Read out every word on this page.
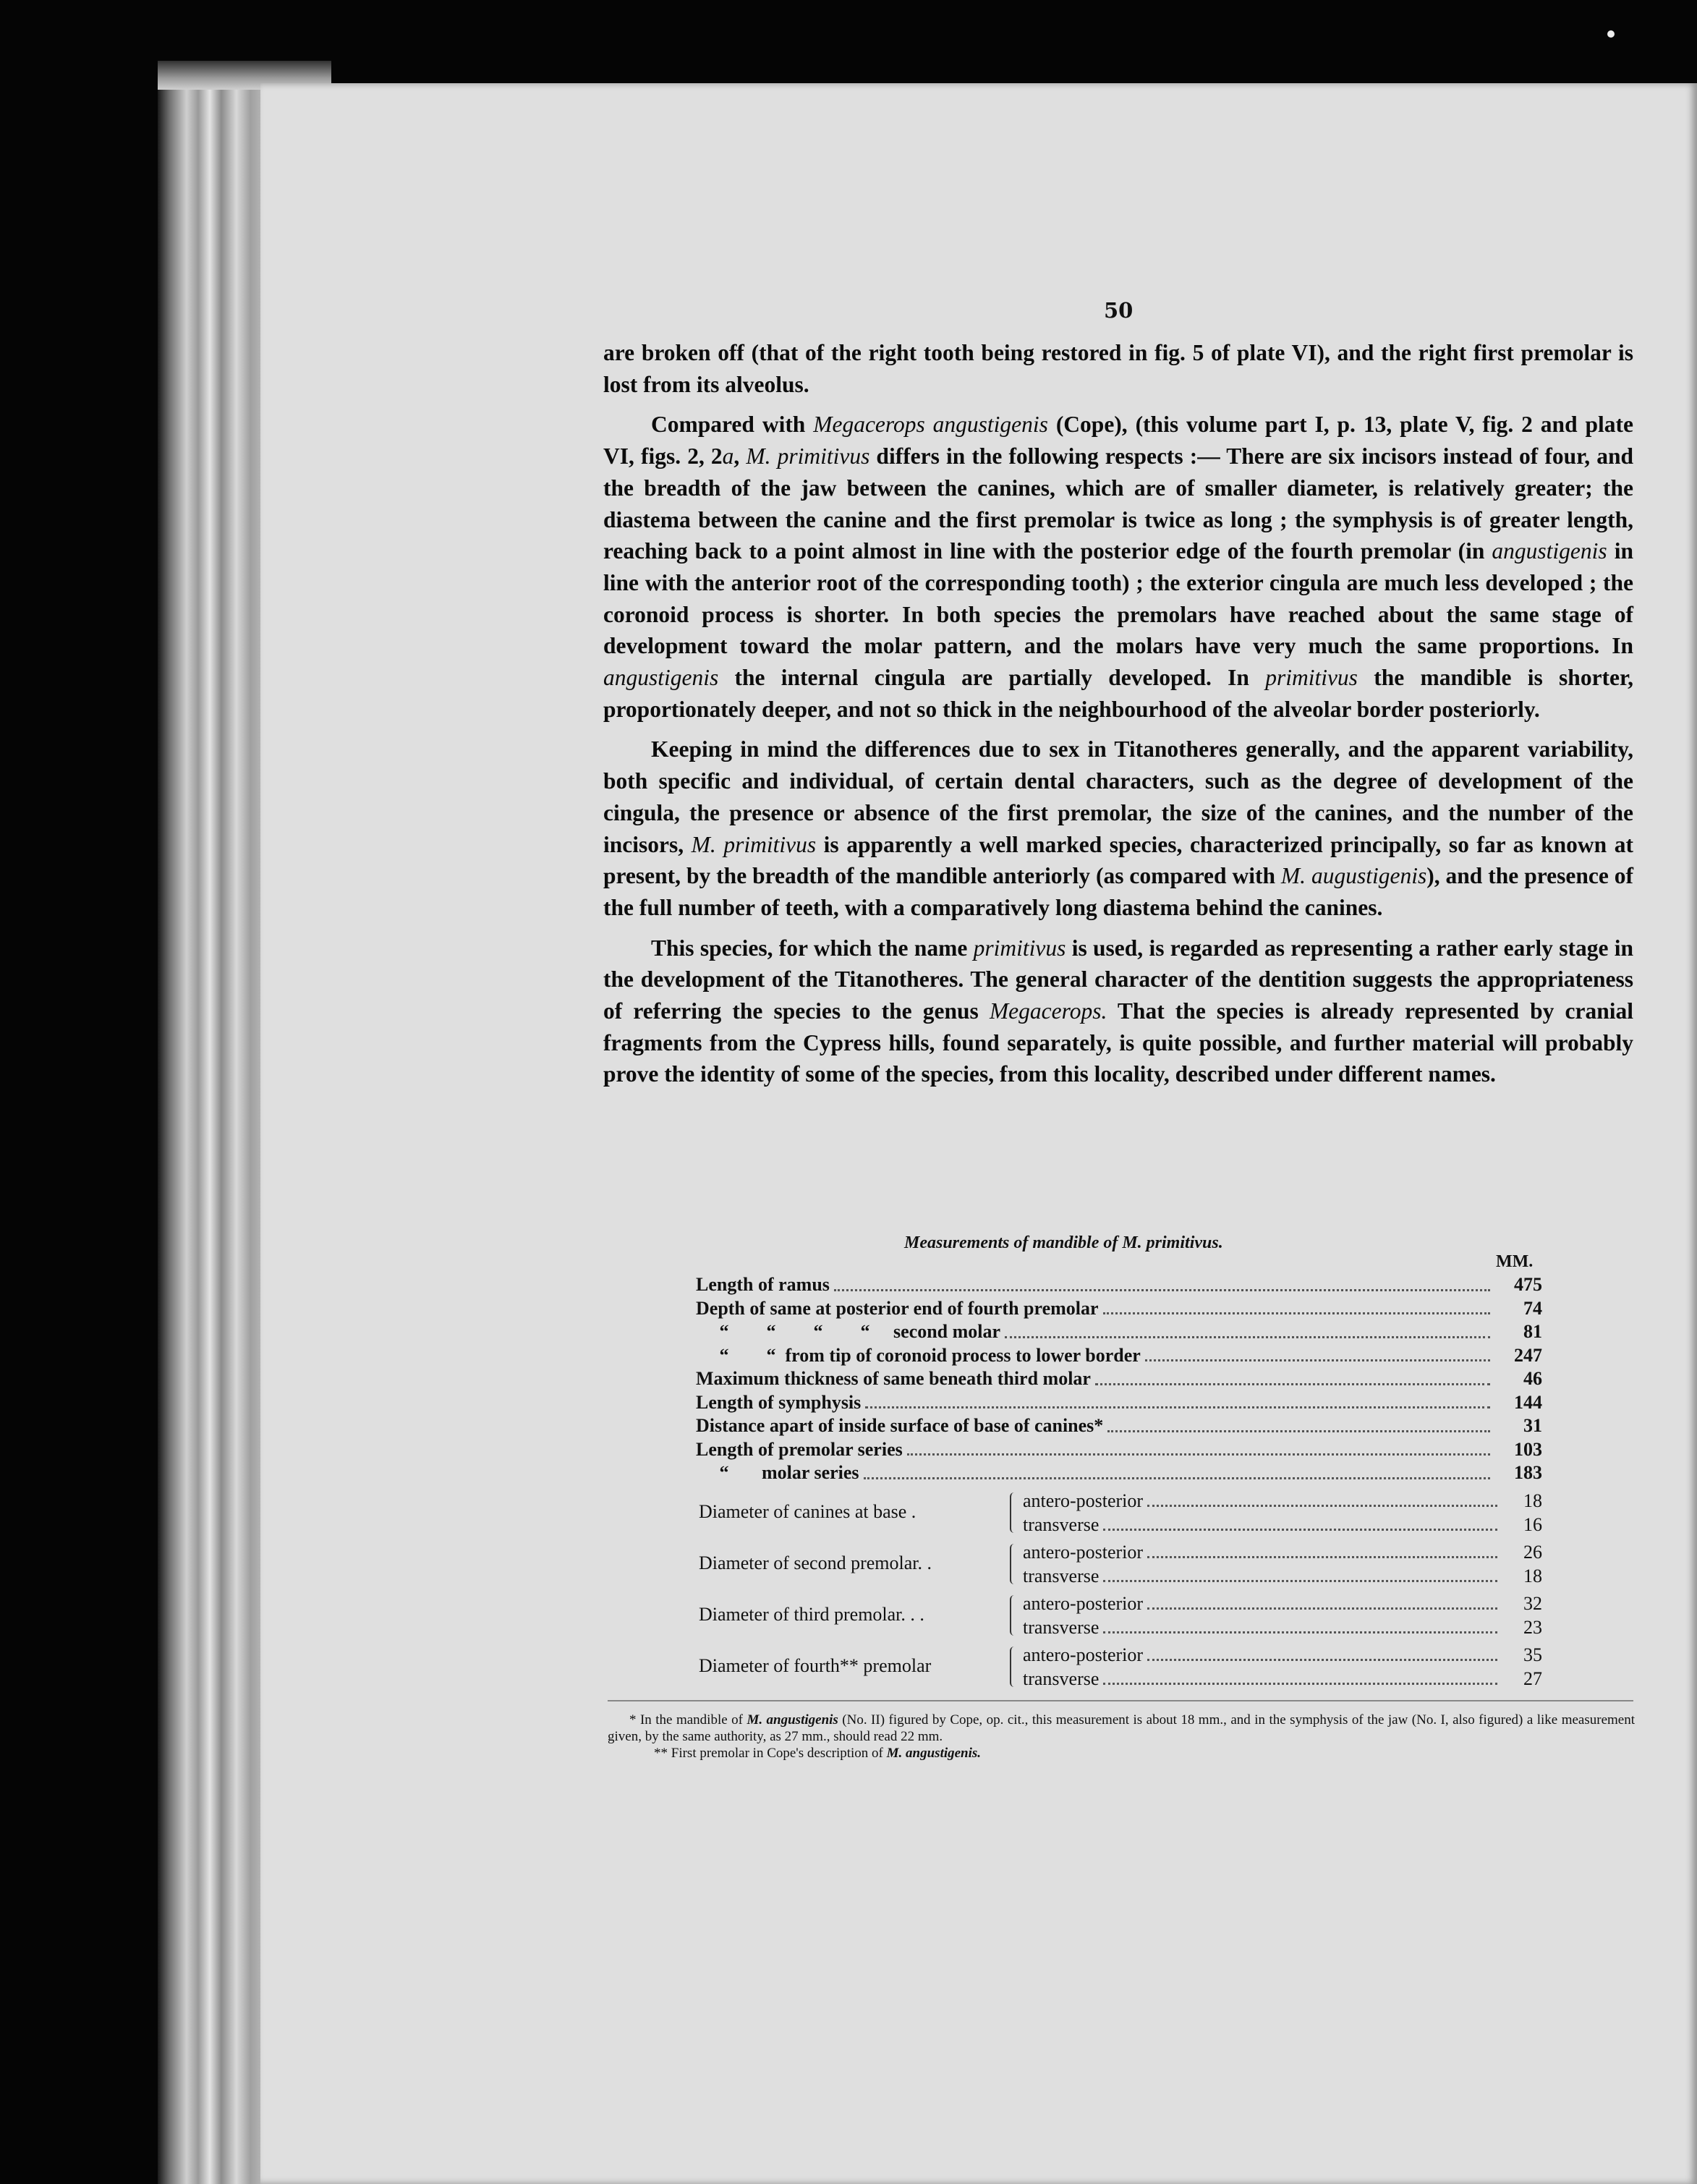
50

are broken off (that of the right tooth being restored in fig. 5 of plate VI), and the right first premolar is lost from its alveolus.

Compared with Megacerops angustigenis (Cope), (this volume part I, p. 13, plate V, fig. 2 and plate VI, figs. 2, 2a, M. primitivus differs in the following respects :— There are six incisors instead of four, and the breadth of the jaw between the canines, which are of smaller diameter, is relatively greater; the diastema between the canine and the first premolar is twice as long ; the symphysis is of greater length, reaching back to a point almost in line with the posterior edge of the fourth premolar (in angustigenis in line with the anterior root of the corresponding tooth) ; the exterior cingula are much less developed ; the coronoid process is shorter. In both species the premolars have reached about the same stage of development toward the molar pattern, and the molars have very much the same proportions. In angustigenis the internal cingula are partially developed. In primitivus the mandible is shorter, proportionately deeper, and not so thick in the neighbourhood of the alveolar border posteriorly.

Keeping in mind the differences due to sex in Titanotheres generally, and the apparent variability, both specific and individual, of certain dental characters, such as the degree of development of the cingula, the presence or absence of the first premolar, the size of the canines, and the number of the incisors, M. primitivus is apparently a well marked species, characterized principally, so far as known at present, by the breadth of the mandible anteriorly (as compared with M. augustigenis), and the presence of the full number of teeth, with a comparatively long diastema behind the canines.

This species, for which the name primitivus is used, is regarded as representing a rather early stage in the development of the Titanotheres. The general character of the dentition suggests the appropriateness of referring the species to the genus Megacerops. That the species is already represented by cranial fragments from the Cypress hills, found separately, is quite possible, and further material will probably prove the identity of some of the species, from this locality, described under different names.

Measurements of mandible of M. primitivus.
MM.
Length of ramus	475
Depth of same at posterior end of fourth premolar	74
“        “        “        “     second molar	81
“        “  from tip of coronoid process to lower border	247
Maximum thickness of same beneath third molar	46
Length of symphysis	144
Distance apart of inside surface of base of canines*	31
Length of premolar series	103
“       molar series	183
Diameter of canines at base .
antero-posterior	18
transverse	16
Diameter of second premolar. .
antero-posterior	26
transverse	18
Diameter of third premolar. . .
antero-posterior	32
transverse	23
Diameter of fourth** premolar
antero-posterior	35
transverse	27

* In the mandible of M. angustigenis (No. II) figured by Cope, op. cit., this measurement is about 18 mm., and in the symphysis of the jaw (No. I, also figured) a like measurement given, by the same authority, as 27 mm., should read 22 mm.

** First premolar in Cope's description of M. angustigenis.
